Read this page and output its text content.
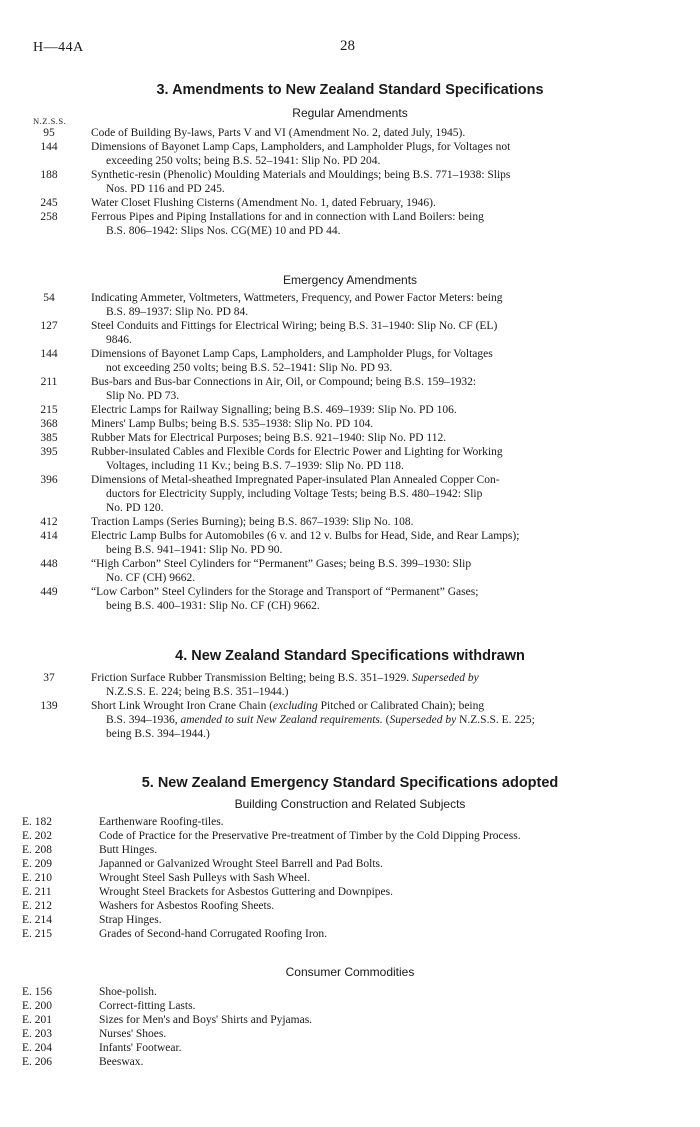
H—44A	28
3. Amendments to New Zealand Standard Specifications
Regular Amendments
N.Z.S.S.
95	Code of Building By-laws, Parts V and VI (Amendment No. 2, dated July, 1945).
144	Dimensions of Bayonet Lamp Caps, Lampholders, and Lampholder Plugs, for Voltages not
exceeding 250 volts; being B.S. 52–1941: Slip No. PD 204.
188	Synthetic-resin (Phenolic) Moulding Materials and Mouldings; being B.S. 771–1938: Slips
Nos. PD 116 and PD 245.
245	Water Closet Flushing Cisterns (Amendment No. 1, dated February, 1946).
258	Ferrous Pipes and Piping Installations for and in connection with Land Boilers: being
B.S. 806–1942: Slips Nos. CG(ME) 10 and PD 44.
Emergency Amendments
54	Indicating Ammeter, Voltmeters, Wattmeters, Frequency, and Power Factor Meters: being
B.S. 89–1937: Slip No. PD 84.
127	Steel Conduits and Fittings for Electrical Wiring; being B.S. 31–1940: Slip No. CF (EL)
9846.
144	Dimensions of Bayonet Lamp Caps, Lampholders, and Lampholder Plugs, for Voltages
not exceeding 250 volts; being B.S. 52–1941: Slip No. PD 93.
211	Bus-bars and Bus-bar Connections in Air, Oil, or Compound; being B.S. 159–1932:
Slip No. PD 73.
215	Electric Lamps for Railway Signalling; being B.S. 469–1939: Slip No. PD 106.
368	Miners' Lamp Bulbs; being B.S. 535–1938: Slip No. PD 104.
385	Rubber Mats for Electrical Purposes; being B.S. 921–1940: Slip No. PD 112.
395	Rubber-insulated Cables and Flexible Cords for Electric Power and Lighting for Working
Voltages, including 11 Kv.; being B.S. 7–1939: Slip No. PD 118.
396	Dimensions of Metal-sheathed Impregnated Paper-insulated Plan Annealed Copper Con-
ductors for Electricity Supply, including Voltage Tests; being B.S. 480–1942: Slip
No. PD 120.
412	Traction Lamps (Series Burning); being B.S. 867–1939: Slip No. 108.
414	Electric Lamp Bulbs for Automobiles (6 v. and 12 v. Bulbs for Head, Side, and Rear Lamps);
being B.S. 941–1941: Slip No. PD 90.
448	“High Carbon” Steel Cylinders for “Permanent” Gases; being B.S. 399–1930: Slip
No. CF (CH) 9662.
449	“Low Carbon” Steel Cylinders for the Storage and Transport of “Permanent” Gases;
being B.S. 400–1931: Slip No. CF (CH) 9662.
4. New Zealand Standard Specifications withdrawn
37	Friction Surface Rubber Transmission Belting; being B.S. 351–1929. Superseded by
N.Z.S.S. E. 224; being B.S. 351–1944.)
139	Short Link Wrought Iron Crane Chain (excluding Pitched or Calibrated Chain); being
B.S. 394–1936, amended to suit New Zealand requirements. (Superseded by N.Z.S.S. E. 225;
being B.S. 394–1944.)
5. New Zealand Emergency Standard Specifications adopted
Building Construction and Related Subjects
E. 182	Earthenware Roofing-tiles.
E. 202	Code of Practice for the Preservative Pre-treatment of Timber by the Cold Dipping Process.
E. 208	Butt Hinges.
E. 209	Japanned or Galvanized Wrought Steel Barrell and Pad Bolts.
E. 210	Wrought Steel Sash Pulleys with Sash Wheel.
E. 211	Wrought Steel Brackets for Asbestos Guttering and Downpipes.
E. 212	Washers for Asbestos Roofing Sheets.
E. 214	Strap Hinges.
E. 215	Grades of Second-hand Corrugated Roofing Iron.
Consumer Commodities
E. 156	Shoe-polish.
E. 200	Correct-fitting Lasts.
E. 201	Sizes for Men's and Boys' Shirts and Pyjamas.
E. 203	Nurses' Shoes.
E. 204	Infants' Footwear.
E. 206	Beeswax.
